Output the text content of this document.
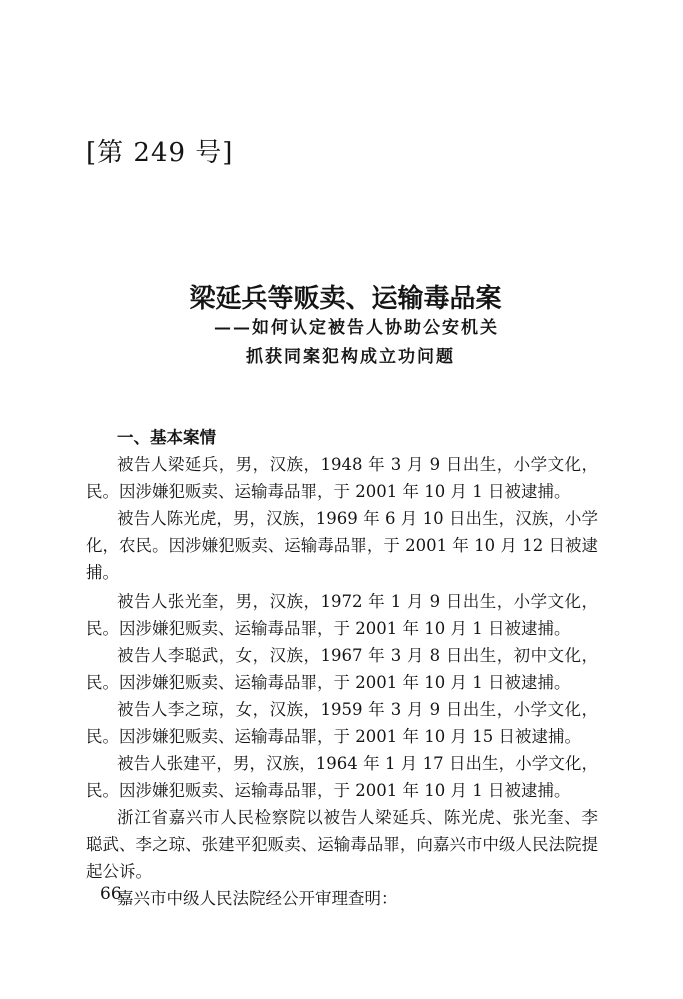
[第 249 号]
梁延兵等贩卖、运输毒品案
——如何认定被告人协助公安机关
抓获同案犯构成立功问题
一、基本案情
被告人梁延兵，男，汉族，1948 年 3 月 9 日出生，小学文化，
民。因涉嫌犯贩卖、运输毒品罪，于 2001 年 10 月 1 日被逮捕。
被告人陈光虎，男，汉族，1969 年 6 月 10 日出生，汉族，小学
化，农民。因涉嫌犯贩卖、运输毒品罪，于 2001 年 10 月 12 日被逮
捕。
被告人张光奎，男，汉族，1972 年 1 月 9 日出生，小学文化，
民。因涉嫌犯贩卖、运输毒品罪，于 2001 年 10 月 1 日被逮捕。
被告人李聪武，女，汉族，1967 年 3 月 8 日出生，初中文化，
民。因涉嫌犯贩卖、运输毒品罪，于 2001 年 10 月 1 日被逮捕。
被告人李之琼，女，汉族，1959 年 3 月 9 日出生，小学文化，
民。因涉嫌犯贩卖、运输毒品罪，于 2001 年 10 月 15 日被逮捕。
被告人张建平，男，汉族，1964 年 1 月 17 日出生，小学文化，
民。因涉嫌犯贩卖、运输毒品罪，于 2001 年 10 月 1 日被逮捕。
浙江省嘉兴市人民检察院以被告人梁延兵、陈光虎、张光奎、李
聪武、李之琼、张建平犯贩卖、运输毒品罪，向嘉兴市中级人民法院提
起公诉。
嘉兴市中级人民法院经公开审理查明：
66
